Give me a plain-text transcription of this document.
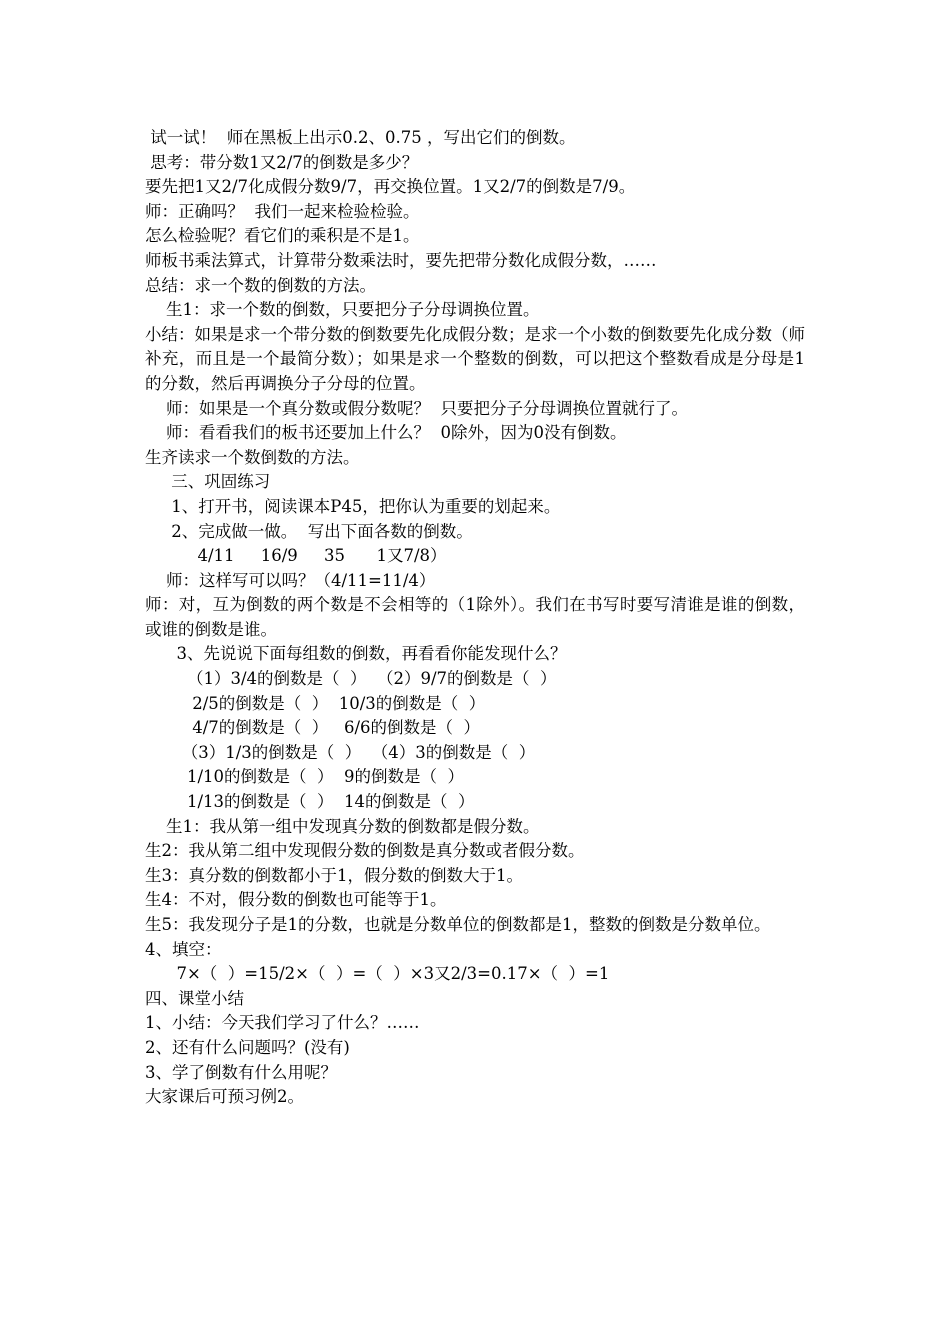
试一试！  师在黑板上出示0.2、0.75 ，写出它们的倒数。

思考：带分数1又2/7的倒数是多少？

要先把1又2/7化成假分数9/7，再交换位置。1又2/7的倒数是7/9。

师：正确吗？  我们一起来检验检验。

怎么检验呢？看它们的乘积是不是1。

师板书乘法算式，计算带分数乘法时，要先把带分数化成假分数，……

总结：求一个数的倒数的方法。

生1：求一个数的倒数，只要把分子分母调换位置。

小结：如果是求一个带分数的倒数要先化成假分数；是求一个小数的倒数要先化成分数（师补充，而且是一个最简分数）；如果是求一个整数的倒数，可以把这个整数看成是分母是1的分数，然后再调换分子分母的位置。

师：如果是一个真分数或假分数呢？  只要把分子分母调换位置就行了。

师：看看我们的板书还要加上什么？  0除外，因为0没有倒数。

生齐读求一个数倒数的方法。

三、巩固练习

1、打开书，阅读课本P45，把你认为重要的划起来。

2、完成做一做。  写出下面各数的倒数。

4/11     16/9     35      1又7/8）

师：这样写可以吗？（4/11=11/4）

师：对，互为倒数的两个数是不会相等的（1除外）。我们在书写时要写清谁是谁的倒数，或谁的倒数是谁。

3、先说说下面每组数的倒数，再看看你能发现什么？

（1）3/4的倒数是（  ）  （2）9/7的倒数是（  ）

2/5的倒数是（  ）  10/3的倒数是（  ）

4/7的倒数是（  ）   6/6的倒数是（  ）

（3）1/3的倒数是（  ）  （4）3的倒数是（  ）

1/10的倒数是（  ）  9的倒数是（  ）

1/13的倒数是（  ）  14的倒数是（  ）

生1：我从第一组中发现真分数的倒数都是假分数。

生2：我从第二组中发现假分数的倒数是真分数或者假分数。

生3：真分数的倒数都小于1，假分数的倒数大于1。

生4：不对，假分数的倒数也可能等于1。

生5：我发现分子是1的分数，也就是分数单位的倒数都是1，整数的倒数是分数单位。

4、填空：

7×（  ）=15/2×（  ）=（  ）×3又2/3=0.17×（  ）=1

四、课堂小结

1、小结：今天我们学习了什么？……

2、还有什么问题吗？(没有)

3、学了倒数有什么用呢？

大家课后可预习例2。
